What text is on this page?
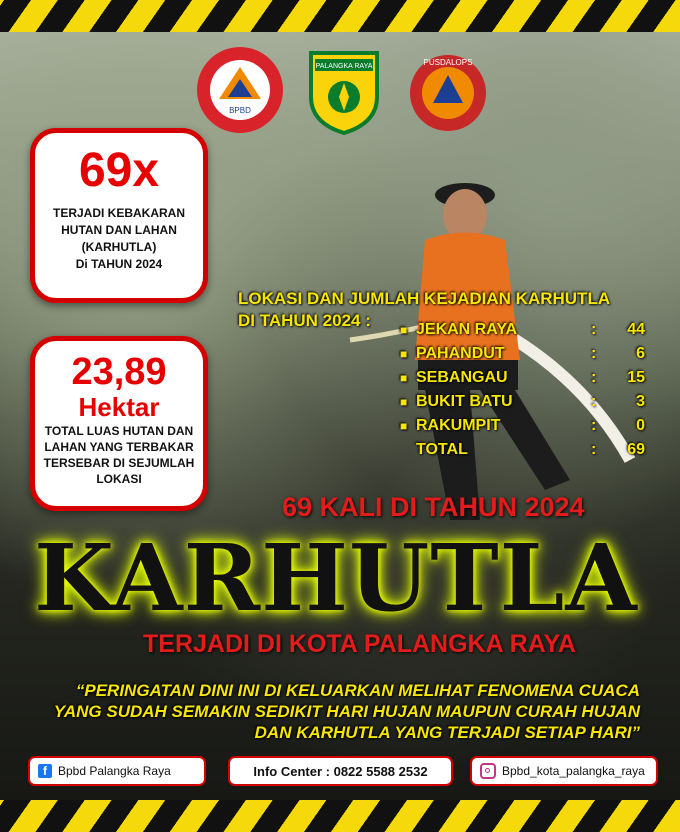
BPBD
PALANGKA RAYA	PUSDALOPS
69x
TERJADI KEBAKARAN
HUTAN DAN LAHAN
(KARHUTLA)
Di TAHUN 2024
23,89
Hektar
TOTAL LUAS HUTAN DAN
LAHAN YANG TERBAKAR
TERSEBAR DI SEJUMLAH
LOKASI
LOKASI DAN JUMLAH KEJADIAN KARHUTLA
DI TAHUN 2024 :	■ JEKAN RAYA	:	44
■ PAHANDUT	:	6
■ SEBANGAU	:	15
■ BUKIT BATU	:	3
■ RAKUMPIT	:	0
TOTAL	:	69
69 KALI DI TAHUN 2024
KARHUTLA
TERJADI DI KOTA PALANGKA RAYA
“PERINGATAN DINI INI DI KELUARKAN MELIHAT FENOMENA CUACA
YANG SUDAH SEMAKIN SEDIKIT HARI HUJAN MAUPUN CURAH HUJAN
DAN KARHUTLA YANG TERJADI SETIAP HARI”
f Bpbd Palangka Raya	Info Center : 0822 5588 2532	Bpbd_kota_palangka_raya
